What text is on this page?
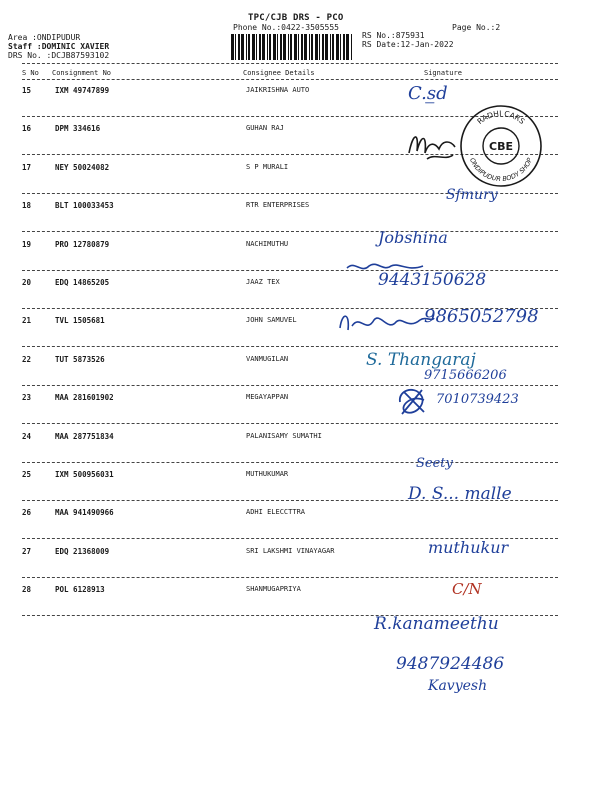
TPC/CJB DRS - PCO
Phone No.:0422-3505555	Page No.:2
Area :ONDIPUDUR
Staff :DOMINIC XAVIER
DRS No. :DCJB87593102
RS No.:875931
RS Date:12-Jan-2022
S No Consignment No	Consignee Details	Signature
15	IXM 49747899	JAIKRISHNA AUTO
16	DPM 334616	GUHAN RAJ
17	NEY 50024082	S P MURALI
18	BLT 100033453	RTR ENTERPRISES
19	PRO 12780879	NACHIMUTHU
20	EDQ 14865205	JAAZ TEX
21	TVL 1505681	JOHN SAMUVEL
22	TUT 5873526	VANMUGILAN
23	MAA 281601902	MEGAYAPPAN
24	MAA 287751834	PALANISAMY SUMATHI
25	IXM 500956031	MUTHUKUMAR
26	MAA 941490966	ADHI ELECCTTRA
27	EDQ 21368009	SRI LAKSHMI VINAYAGAR
28	POL 6128913	SHANMUGAPRIYA
C.s̲̲d
RADHI CARS
ONDIPUDUR BODY SHOP
CBE
Sfmury
Jobshina
9443150628
9865052798
S. Thangaraj
9715666206
7010739423
Seety
D. S... malle
muthukur
C/N
R.kanameethu
9487924486
Kavyesh
